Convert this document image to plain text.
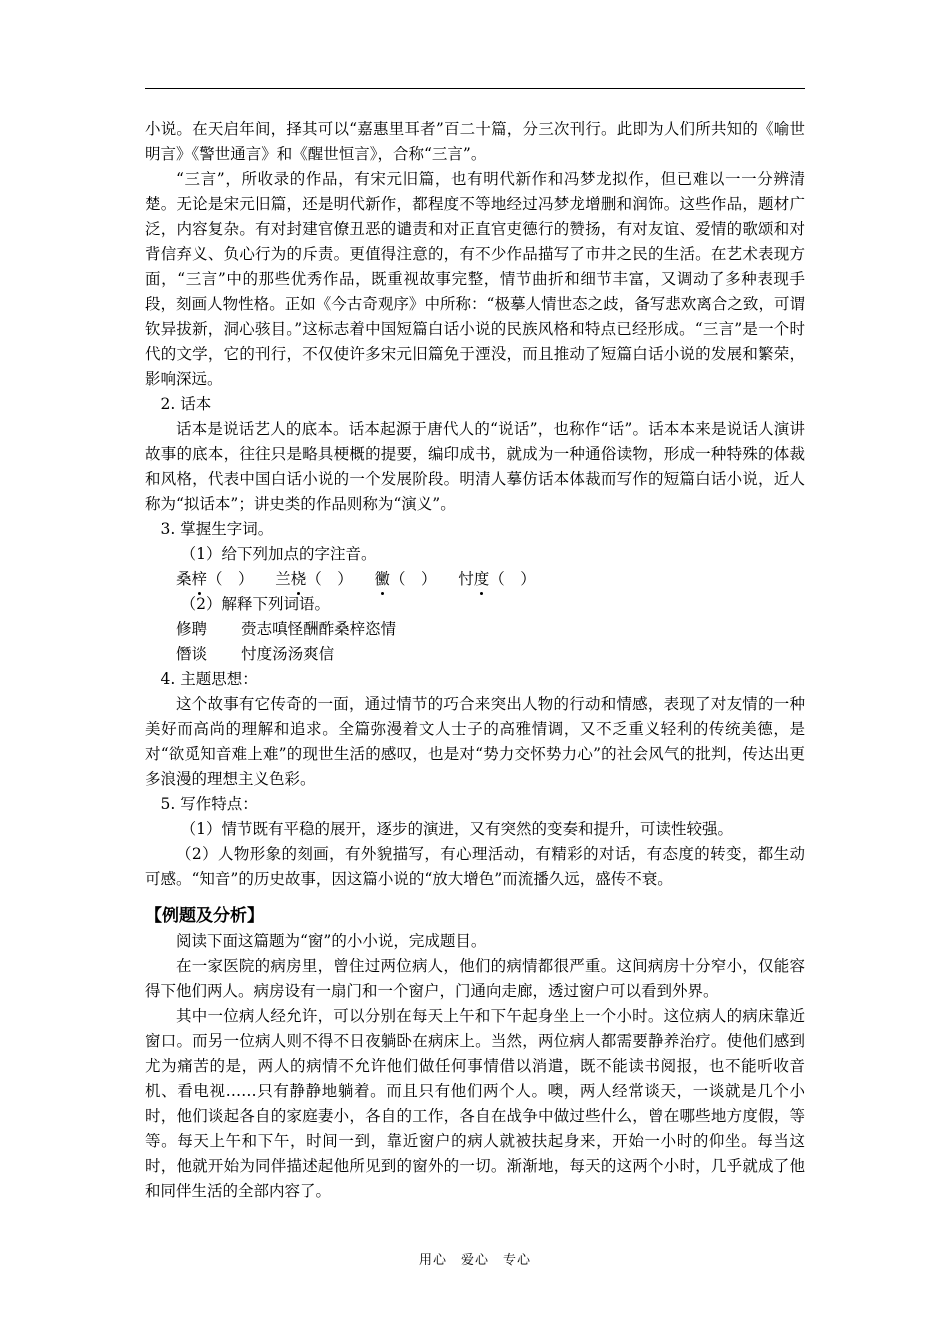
小说。在天启年间，择其可以“嘉惠里耳者”百二十篇，分三次刊行。此即为人们所共知的《喻世明言》《警世通言》和《醒世恒言》，合称“三言”。

“三言”，所收录的作品，有宋元旧篇，也有明代新作和冯梦龙拟作，但已难以一一分辨清楚。无论是宋元旧篇，还是明代新作，都程度不等地经过冯梦龙增删和润饰。这些作品，题材广泛，内容复杂。有对封建官僚丑恶的谴责和对正直官吏德行的赞扬，有对友谊、爱情的歌颂和对背信弃义、负心行为的斥责。更值得注意的，有不少作品描写了市井之民的生活。在艺术表现方面，“三言”中的那些优秀作品，既重视故事完整，情节曲折和细节丰富，又调动了多种表现手段，刻画人物性格。正如《今古奇观序》中所称：“极摹人情世态之歧，备写悲欢离合之致，可谓钦异拔新，洞心骇目。”这标志着中国短篇白话小说的民族风格和特点已经形成。“三言”是一个时代的文学，它的刊行，不仅使许多宋元旧篇免于湮没，而且推动了短篇白话小说的发展和繁荣，影响深远。

2. 话本

话本是说话艺人的底本。话本起源于唐代人的“说话”，也称作“话”。话本本来是说话人演讲故事的底本，往往只是略具梗概的提要，编印成书，就成为一种通俗读物，形成一种特殊的体裁和风格，代表中国白话小说的一个发展阶段。明清人摹仿话本体裁而写作的短篇白话小说，近人称为“拟话本”；讲史类的作品则称为“演义”。

3. 掌握生字词。

（1）给下列加点的字注音。

桑梓（　） 兰桡（　） 黴（　） 忖度（　）

（2）解释下列词语。

修聘 赍志嗔怪酬酢桑梓恣情

僭谈 忖度汤汤爽信

4. 主题思想：

这个故事有它传奇的一面，通过情节的巧合来突出人物的行动和情感，表现了对友情的一种美好而高尚的理解和追求。全篇弥漫着文人士子的高雅情调，又不乏重义轻利的传统美德，是对“欲觅知音难上难”的现世生活的感叹，也是对“势力交怀势力心”的社会风气的批判，传达出更多浪漫的理想主义色彩。

5. 写作特点：

（1）情节既有平稳的展开，逐步的演进，又有突然的变奏和提升，可读性较强。

（2）人物形象的刻画，有外貌描写，有心理活动，有精彩的对话，有态度的转变，都生动可感。“知音”的历史故事，因这篇小说的“放大增色”而流播久远，盛传不衰。

【例题及分析】

阅读下面这篇题为“窗”的小小说，完成题目。

在一家医院的病房里，曾住过两位病人，他们的病情都很严重。这间病房十分窄小，仅能容得下他们两人。病房设有一扇门和一个窗户，门通向走廊，透过窗户可以看到外界。

其中一位病人经允许，可以分别在每天上午和下午起身坐上一个小时。这位病人的病床靠近窗口。而另一位病人则不得不日夜躺卧在病床上。当然，两位病人都需要静养治疗。使他们感到尤为痛苦的是，两人的病情不允许他们做任何事情借以消遣，既不能读书阅报，也不能听收音机、看电视……只有静静地躺着。而且只有他们两个人。噢，两人经常谈天，一谈就是几个小时，他们谈起各自的家庭妻小，各自的工作，各自在战争中做过些什么，曾在哪些地方度假，等等。每天上午和下午，时间一到，靠近窗户的病人就被扶起身来，开始一小时的仰坐。每当这时，他就开始为同伴描述起他所见到的窗外的一切。渐渐地，每天的这两个小时，几乎就成了他和同伴生活的全部内容了。

用心　爱心　专心
